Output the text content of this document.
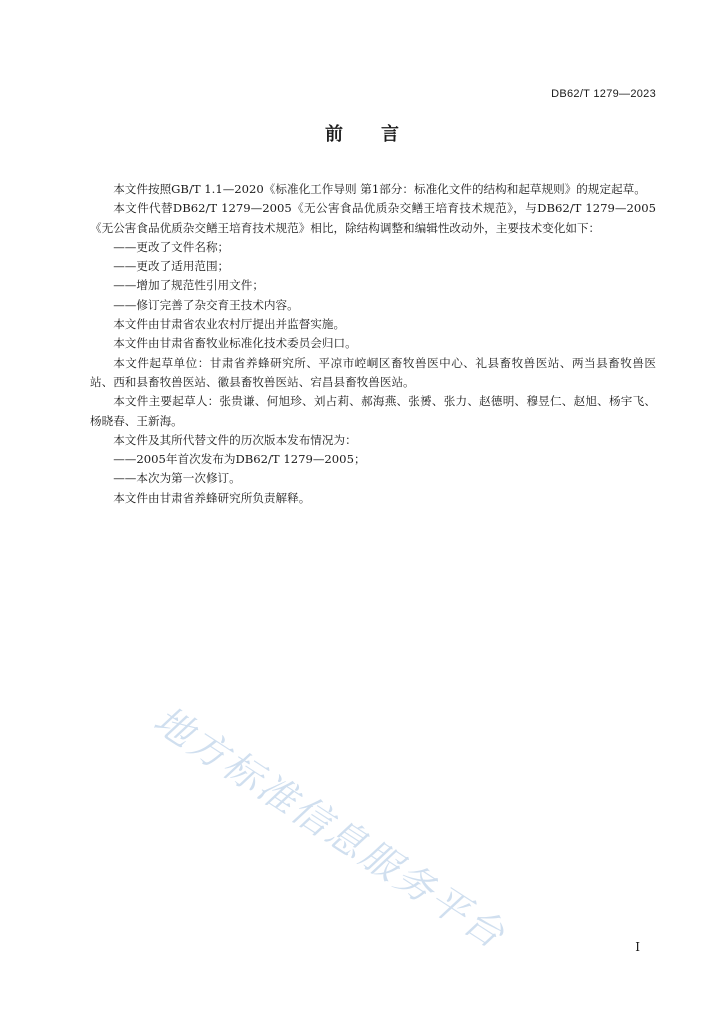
DB62/T 1279—2023
前言

本文件按照GB/T 1.1—2020《标准化工作导则 第1部分：标准化文件的结构和起草规则》的规定起草。

本文件代替DB62/T 1279—2005《无公害食品优质杂交鳝王培育技术规范》，与DB62/T 1279—2005《无公害食品优质杂交鳝王培育技术规范》相比，除结构调整和编辑性改动外，主要技术变化如下：

——更改了文件名称；

——更改了适用范围；

——增加了规范性引用文件；

——修订完善了杂交育王技术内容。

本文件由甘肃省农业农村厅提出并监督实施。

本文件由甘肃省畜牧业标准化技术委员会归口。

本文件起草单位：甘肃省养蜂研究所、平凉市崆峒区畜牧兽医中心、礼县畜牧兽医站、两当县畜牧兽医站、西和县畜牧兽医站、徽县畜牧兽医站、宕昌县畜牧兽医站。

本文件主要起草人：张贵谦、何旭珍、刘占莉、郝海燕、张赟、张力、赵德明、穆昱仁、赵旭、杨宇飞、杨晓春、王新海。

本文件及其所代替文件的历次版本发布情况为：

——2005年首次发布为DB62/T 1279—2005；

——本次为第一次修订。

本文件由甘肃省养蜂研究所负责解释。

地方标准信息服务平台	I
